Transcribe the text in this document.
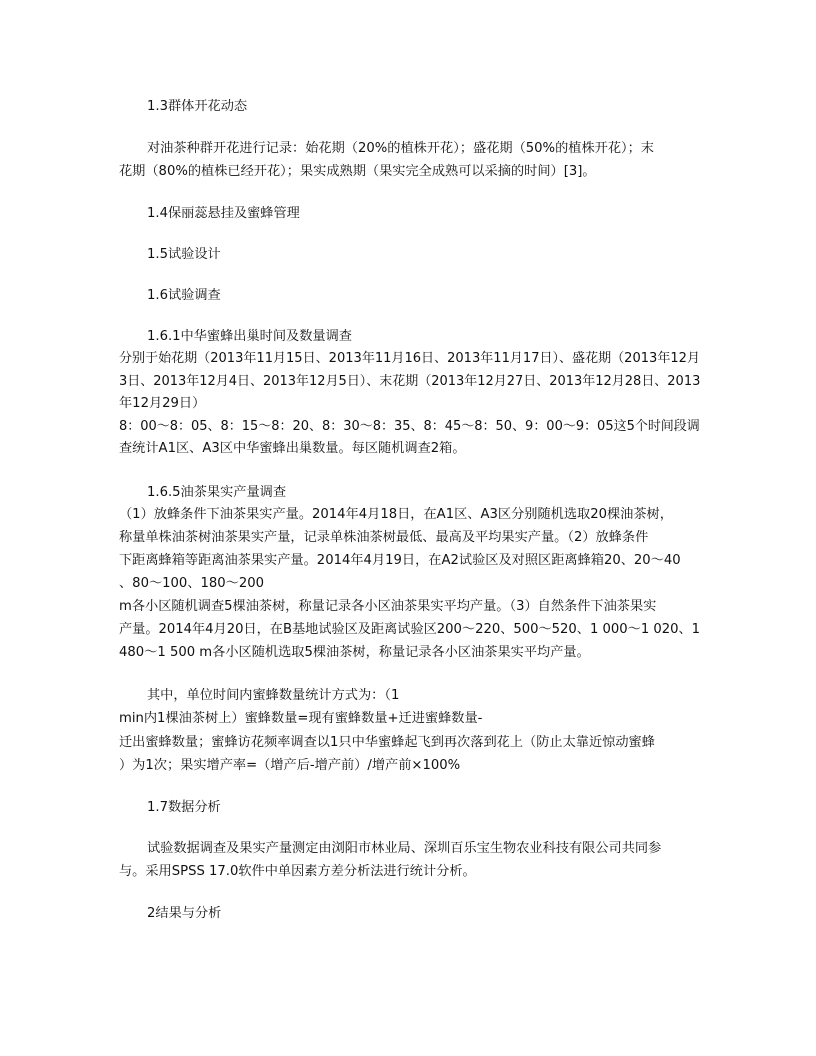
1.3群体开花动态
对油茶种群开花进行记录：始花期（20%的植株开花）；盛花期（50%的植株开花）；末
花期（80%的植株已经开花）；果实成熟期（果实完全成熟可以采摘的时间）[3]。
1.4保丽蕊悬挂及蜜蜂管理
1.5试验设计
1.6试验调查
1.6.1中华蜜蜂出巢时间及数量调查
分别于始花期（2013年11月15日、2013年11月16日、2013年11月17日）、盛花期（2013年12月
3日、2013年12月4日、2013年12月5日）、末花期（2013年12月27日、2013年12月28日、2013
年12月29日）
8：00～8：05、8：15～8：20、8：30～8：35、8：45～8：50、9：00～9：05这5个时间段调
查统计A1区、A3区中华蜜蜂出巢数量。每区随机调查2箱。
1.6.5油茶果实产量调查
（1）放蜂条件下油茶果实产量。2014年4月18日，在A1区、A3区分别随机选取20棵油茶树，
称量单株油茶树油茶果实产量，记录单株油茶树最低、最高及平均果实产量。（2）放蜂条件
下距离蜂箱等距离油茶果实产量。2014年4月19日，在A2试验区及对照区距离蜂箱20、20～40
、80～100、180～200
m各小区随机调查5棵油茶树，称量记录各小区油茶果实平均产量。（3）自然条件下油茶果实
产量。2014年4月20日，在B基地试验区及距离试验区200～220、500～520、1 000～1 020、1
480～1 500 m各小区随机选取5棵油茶树，称量记录各小区油茶果实平均产量。
其中，单位时间内蜜蜂数量统计方式为：（1
min内1棵油茶树上）蜜蜂数量=现有蜜蜂数量+迁进蜜蜂数量-
迁出蜜蜂数量；蜜蜂访花频率调查以1只中华蜜蜂起飞到再次落到花上（防止太靠近惊动蜜蜂
）为1次；果实增产率=（增产后-增产前）/增产前×100%
1.7数据分析
试验数据调查及果实产量测定由浏阳市林业局、深圳百乐宝生物农业科技有限公司共同参
与。采用SPSS 17.0软件中单因素方差分析法进行统计分析。
2结果与分析
